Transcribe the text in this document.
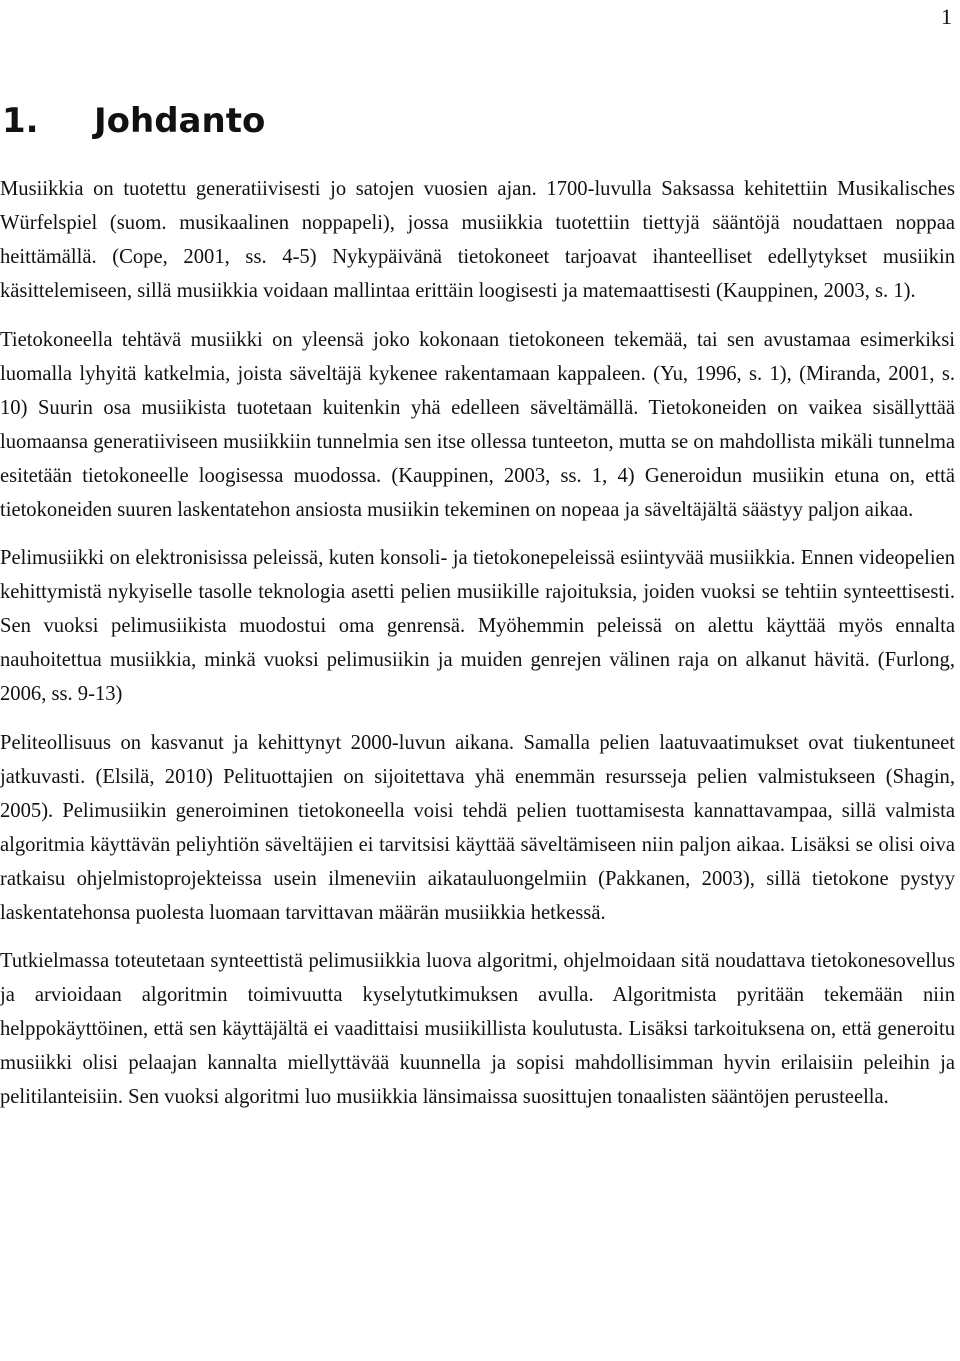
1
1. Johdanto

Musiikkia on tuotettu generatiivisesti jo satojen vuosien ajan. 1700-luvulla Saksassa kehitettiin Musikalisches Würfelspiel (suom. musikaalinen noppapeli), jossa musiikkia tuotettiin tiettyjä sääntöjä noudattaen noppaa heittämällä. (Cope, 2001, ss. 4-5) Nykypäivänä tietokoneet tarjoavat ihanteelliset edellytykset musiikin käsittelemiseen, sillä musiikkia voidaan mallintaa erittäin loogisesti ja matemaattisesti (Kauppinen, 2003, s. 1).

Tietokoneella tehtävä musiikki on yleensä joko kokonaan tietokoneen tekemää, tai sen avustamaa esimerkiksi luomalla lyhyitä katkelmia, joista säveltäjä kykenee rakentamaan kappaleen. (Yu, 1996, s. 1), (Miranda, 2001, s. 10) Suurin osa musiikista tuotetaan kuitenkin yhä edelleen säveltämällä. Tietokoneiden on vaikea sisällyttää luomaansa generatiiviseen musiikkiin tunnelmia sen itse ollessa tunteeton, mutta se on mahdollista mikäli tunnelma esitetään tietokoneelle loogisessa muodossa. (Kauppinen, 2003, ss. 1, 4) Generoidun musiikin etuna on, että tietokoneiden suuren laskentatehon ansiosta musiikin tekeminen on nopeaa ja säveltäjältä säästyy paljon aikaa.

Pelimusiikki on elektronisissa peleissä, kuten konsoli- ja tietokonepeleissä esiintyvää musiikkia. Ennen videopelien kehittymistä nykyiselle tasolle teknologia asetti pelien musiikille rajoituksia, joiden vuoksi se tehtiin synteettisesti. Sen vuoksi pelimusiikista muodostui oma genrensä. Myöhemmin peleissä on alettu käyttää myös ennalta nauhoitettua musiikkia, minkä vuoksi pelimusiikin ja muiden genrejen välinen raja on alkanut hävitä. (Furlong, 2006, ss. 9-13)

Peliteollisuus on kasvanut ja kehittynyt 2000-luvun aikana. Samalla pelien laatuvaatimukset ovat tiukentuneet jatkuvasti. (Elsilä, 2010) Pelituottajien on sijoitettava yhä enemmän resursseja pelien valmistukseen (Shagin, 2005). Pelimusiikin generoiminen tietokoneella voisi tehdä pelien tuottamisesta kannattavampaa, sillä valmista algoritmia käyttävän peliyhtiön säveltäjien ei tarvitsisi käyttää säveltämiseen niin paljon aikaa. Lisäksi se olisi oiva ratkaisu ohjelmistoprojekteissa usein ilmeneviin aikatauluongelmiin (Pakkanen, 2003), sillä tietokone pystyy laskentatehonsa puolesta luomaan tarvittavan määrän musiikkia hetkessä.

Tutkielmassa toteutetaan synteettistä pelimusiikkia luova algoritmi, ohjelmoidaan sitä noudattava tietokonesovellus ja arvioidaan algoritmin toimivuutta kyselytutkimuksen avulla. Algoritmista pyritään tekemään niin helppokäyttöinen, että sen käyttäjältä ei vaadittaisi musiikillista koulutusta. Lisäksi tarkoituksena on, että generoitu musiikki olisi pelaajan kannalta miellyttävää kuunnella ja sopisi mahdollisimman hyvin erilaisiin peleihin ja pelitilanteisiin. Sen vuoksi algoritmi luo musiikkia länsimaissa suosittujen tonaalisten sääntöjen perusteella.
